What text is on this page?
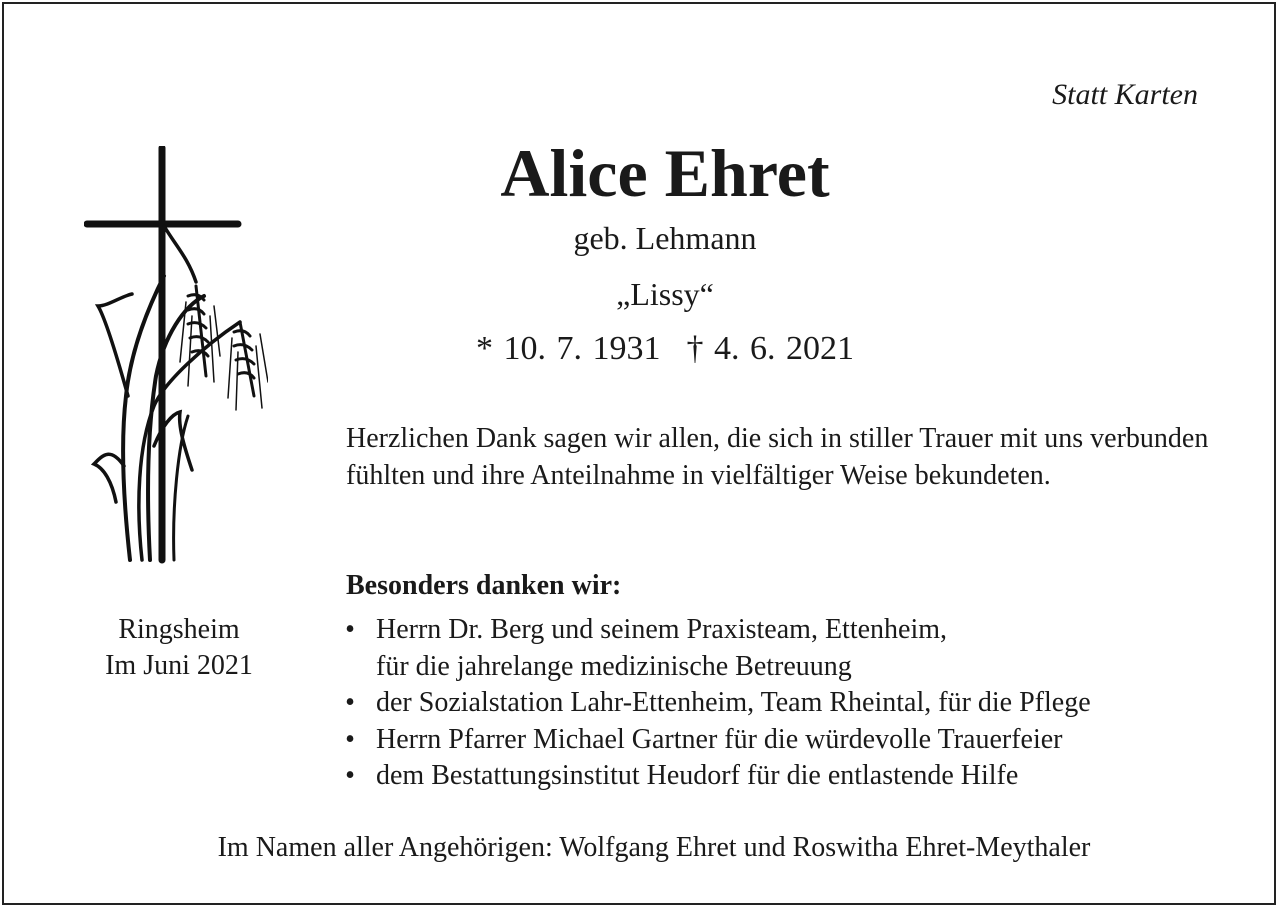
Statt Karten
Alice Ehret
geb. Lehmann
„Lissy“
* 10. 7. 1931 † 4. 6. 2021
Ringsheim
Im Juni 2021
Herzlichen Dank sagen wir allen, die sich in stiller Trauer mit uns verbunden fühlten und ihre Anteilnahme in vielfältiger Weise bekundeten.
Besonders danken wir:
• Herrn Dr. Berg und seinem Praxisteam, Ettenheim,
für die jahrelange medizinische Betreuung
• der Sozialstation Lahr-Ettenheim, Team Rheintal, für die Pflege
• Herrn Pfarrer Michael Gartner für die würdevolle Trauerfeier
• dem Bestattungsinstitut Heudorf für die entlastende Hilfe
Im Namen aller Angehörigen: Wolfgang Ehret und Roswitha Ehret-Meythaler
